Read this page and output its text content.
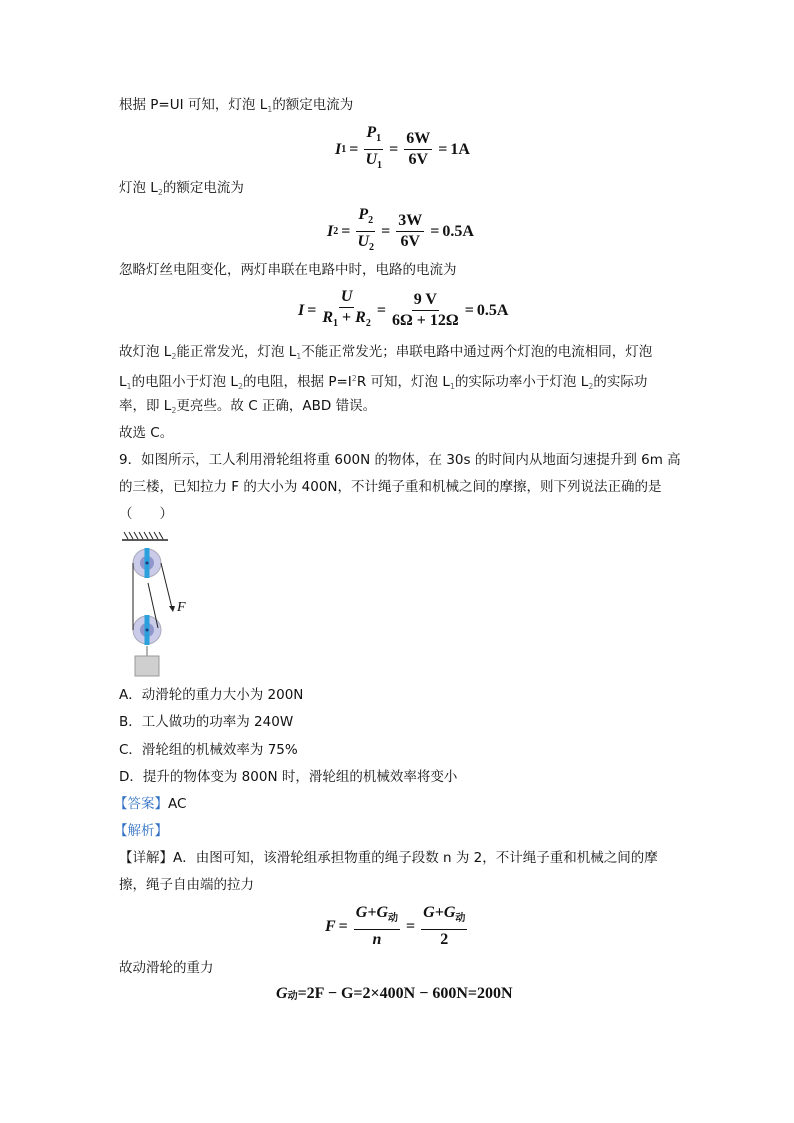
根据 P=UI 可知，灯泡 $L_1$的额定电流为
I $1 = \frac{P_1}{U_1} = \frac{6W}{6V} = 1A$
灯泡 $L_2$的额定电流为
I $2 = \frac{P_2}{U_2} = \frac{3W}{6V} = 0.5A$
忽略灯丝电阻变化，两灯串联在电路中时，电路的电流为
$I = \frac{U}{R_1 + R_2} = \frac{9 V}{6\Omega + 12\Omega} = 0.5A$
故灯泡 $L_2$能正常发光，灯泡 $L_1$不能正常发光；串联电路中通过两个灯泡的电流相同，灯泡
$L_1$的电阻小于灯泡 $L_2$的电阻，根据 $P=I^2R$ 可知，灯泡 $L_1$的实际功率小于灯泡 $L_2$的实际功
率，即 $L_2$更亮些。故 C 正确，ABD 错误。
故选 C。
9．如图所示，工人利用滑轮组将重 600N 的物体，在 30s 的时间内从地面匀速提升到 6m 高
的三楼，已知拉力 F 的大小为 400N，不计绳子重和机械之间的摩擦，则下列说法正确的是
（　　）
F
A．动滑轮的重力大小为 200N
B．工人做功的功率为 240W
C．滑轮组的机械效率为 75%
D．提升的物体变为 800N 时，滑轮组的机械效率将变小
【答案】AC
【解析】
【详解】A．由图可知，该滑轮组承担物重的绳子段数 n 为 2，不计绳子重和机械之间的摩
擦，绳子自由端的拉力
$F = \frac{G+G_动}{n} = \frac{G+G_动}{2}$
故动滑轮的重力
G 动 =2F − G=2×400N − 600N=200N
